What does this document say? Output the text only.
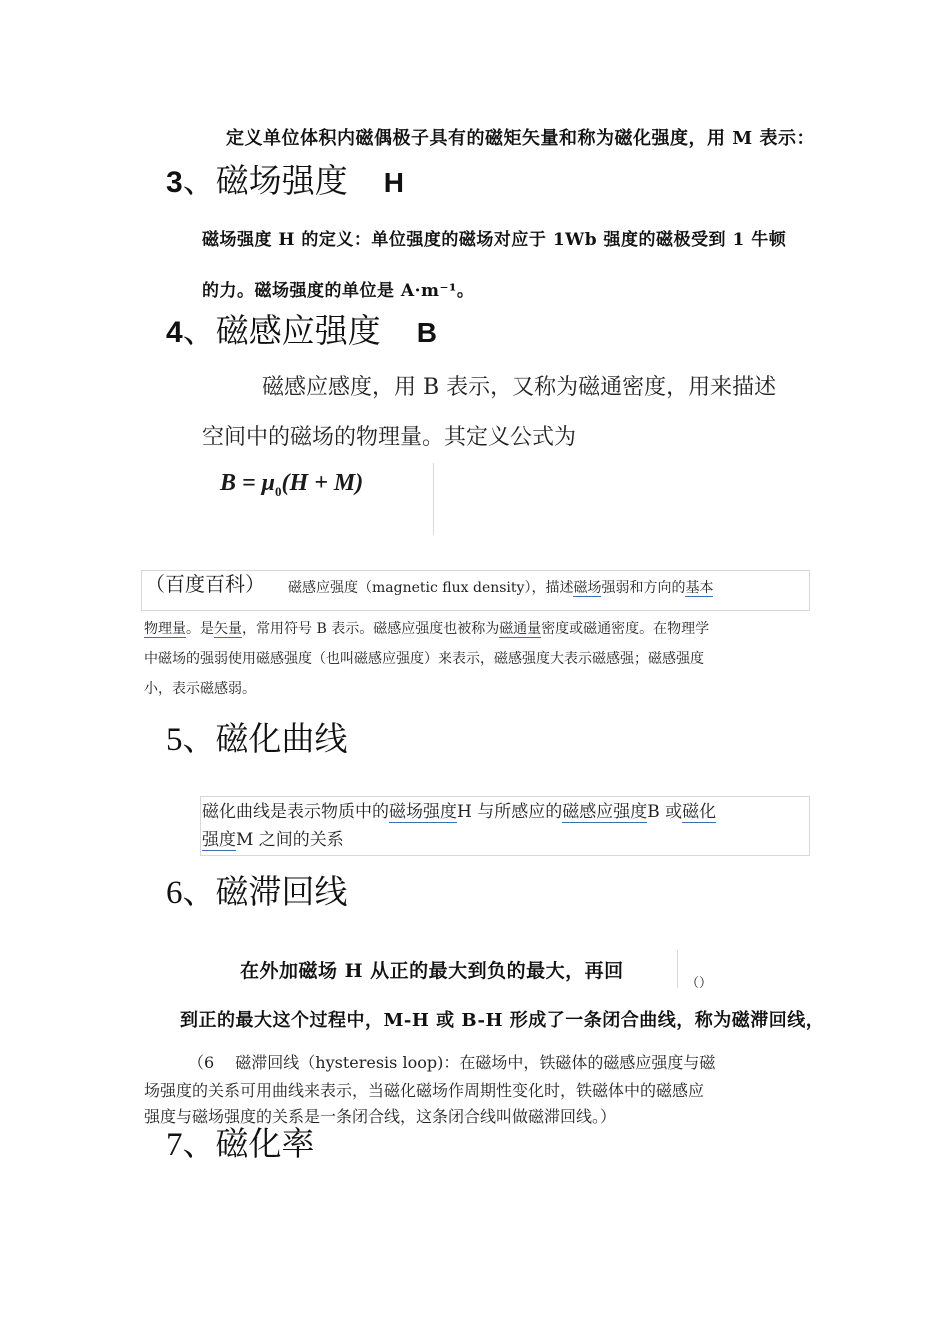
定义单位体积内磁偶极子具有的磁矩矢量和称为磁化强度，用 M 表示：
3、磁场强度 H
磁场强度 H 的定义：单位强度的磁场对应于 1Wb 强度的磁极受到 1 牛顿
的力。磁场强度的单位是 A·m⁻¹。
4、磁感应强度 B
磁感应感度，用 B 表示，又称为磁通密度，用来描述
空间中的磁场的物理量。其定义公式为
$B = \mu_0(H + M)$
（百度百科） 磁感应强度（magnetic flux density），描述磁场强弱和方向的基本
物理量。是矢量，常用符号 B 表示。磁感应强度也被称为磁通量密度或磁通密度。在物理学
中磁场的强弱使用磁感强度（也叫磁感应强度）来表示，磁感强度大表示磁感强；磁感强度
小，表示磁感弱。
5、磁化曲线
磁化曲线是表示物质中的磁场强度H 与所感应的磁感应强度B 或磁化
强度M 之间的关系
6、磁滞回线
在外加磁场 H 从正的最大到负的最大，再回
（）
到正的最大这个过程中，M-H 或 B-H 形成了一条闭合曲线，称为磁滞回线，
（6　 磁滞回线（hysteresis loop)：在磁场中，铁磁体的磁感应强度与磁
场强度的关系可用曲线来表示，当磁化磁场作周期性变化时，铁磁体中的磁感应
强度与磁场强度的关系是一条闭合线，这条闭合线叫做磁滞回线。）
7、磁化率
